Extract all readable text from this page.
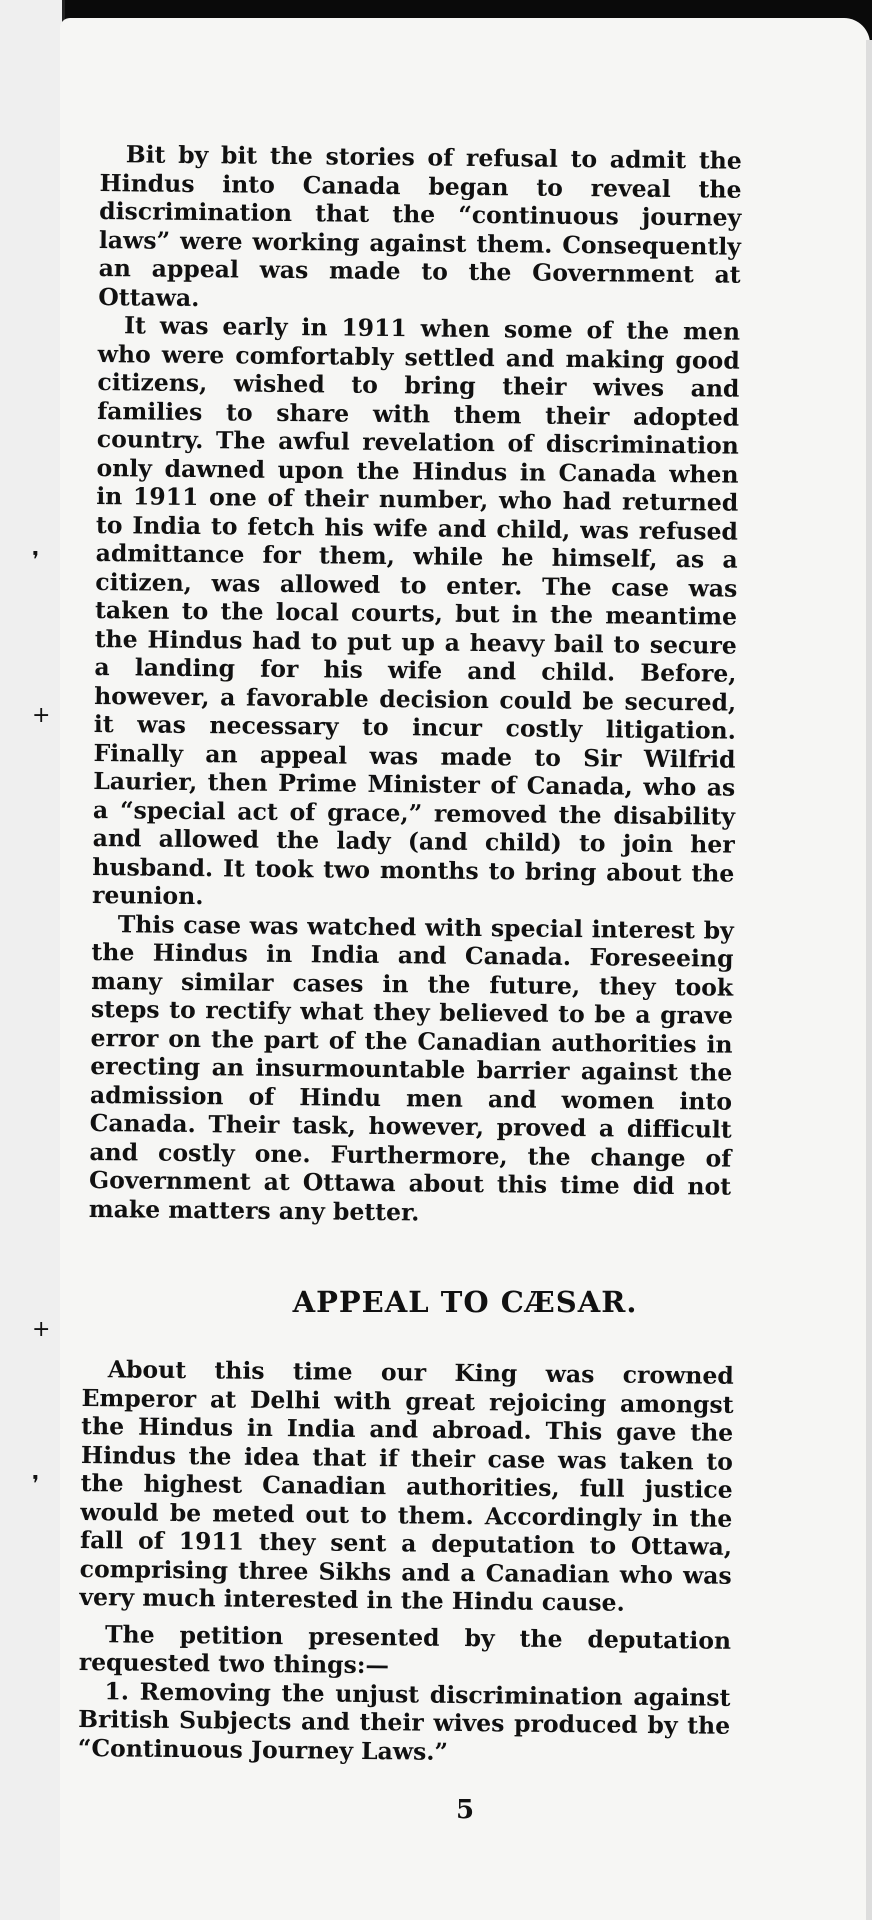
❜
+
+
❜

Bit by bit the stories of refusal to admit the Hindus into Canada began to reveal the discrimination that the “continuous journey laws” were working against them. Consequently an appeal was made to the Government at Ottawa.

It was early in 1911 when some of the men who were comfortably settled and making good citizens, wished to bring their wives and families to share with them their adopted country. The awful revelation of discrimination only dawned upon the Hindus in Canada when in 1911 one of their number, who had returned to India to fetch his wife and child, was refused admittance for them, while he himself, as a citizen, was allowed to enter. The case was taken to the local courts, but in the meantime the Hindus had to put up a heavy bail to secure a landing for his wife and child. Before, however, a favorable decision could be secured, it was necessary to incur costly litigation. Finally an appeal was made to Sir Wilfrid Laurier, then Prime Minister of Canada, who as a “special act of grace,” removed the disability and allowed the lady (and child) to join her husband. It took two months to bring about the reunion.

This case was watched with special interest by the Hindus in India and Canada. Foreseeing many similar cases in the future, they took steps to rectify what they believed to be a grave error on the part of the Canadian authorities in erecting an insurmountable barrier against the admission of Hindu men and women into Canada. Their task, however, proved a difficult and costly one. Furthermore, the change of Government at Ottawa about this time did not make matters any better.

APPEAL TO CÆSAR.

About this time our King was crowned Emperor at Delhi with great rejoicing amongst the Hindus in India and abroad. This gave the Hindus the idea that if their case was taken to the highest Canadian authorities, full justice would be meted out to them. Accordingly in the fall of 1911 they sent a deputation to Ottawa, comprising three Sikhs and a Canadian who was very much interested in the Hindu cause.

The petition presented by the deputation requested two things:—

1. Removing the unjust discrimination against British Subjects and their wives produced by the “Continuous Journey Laws.”

5
